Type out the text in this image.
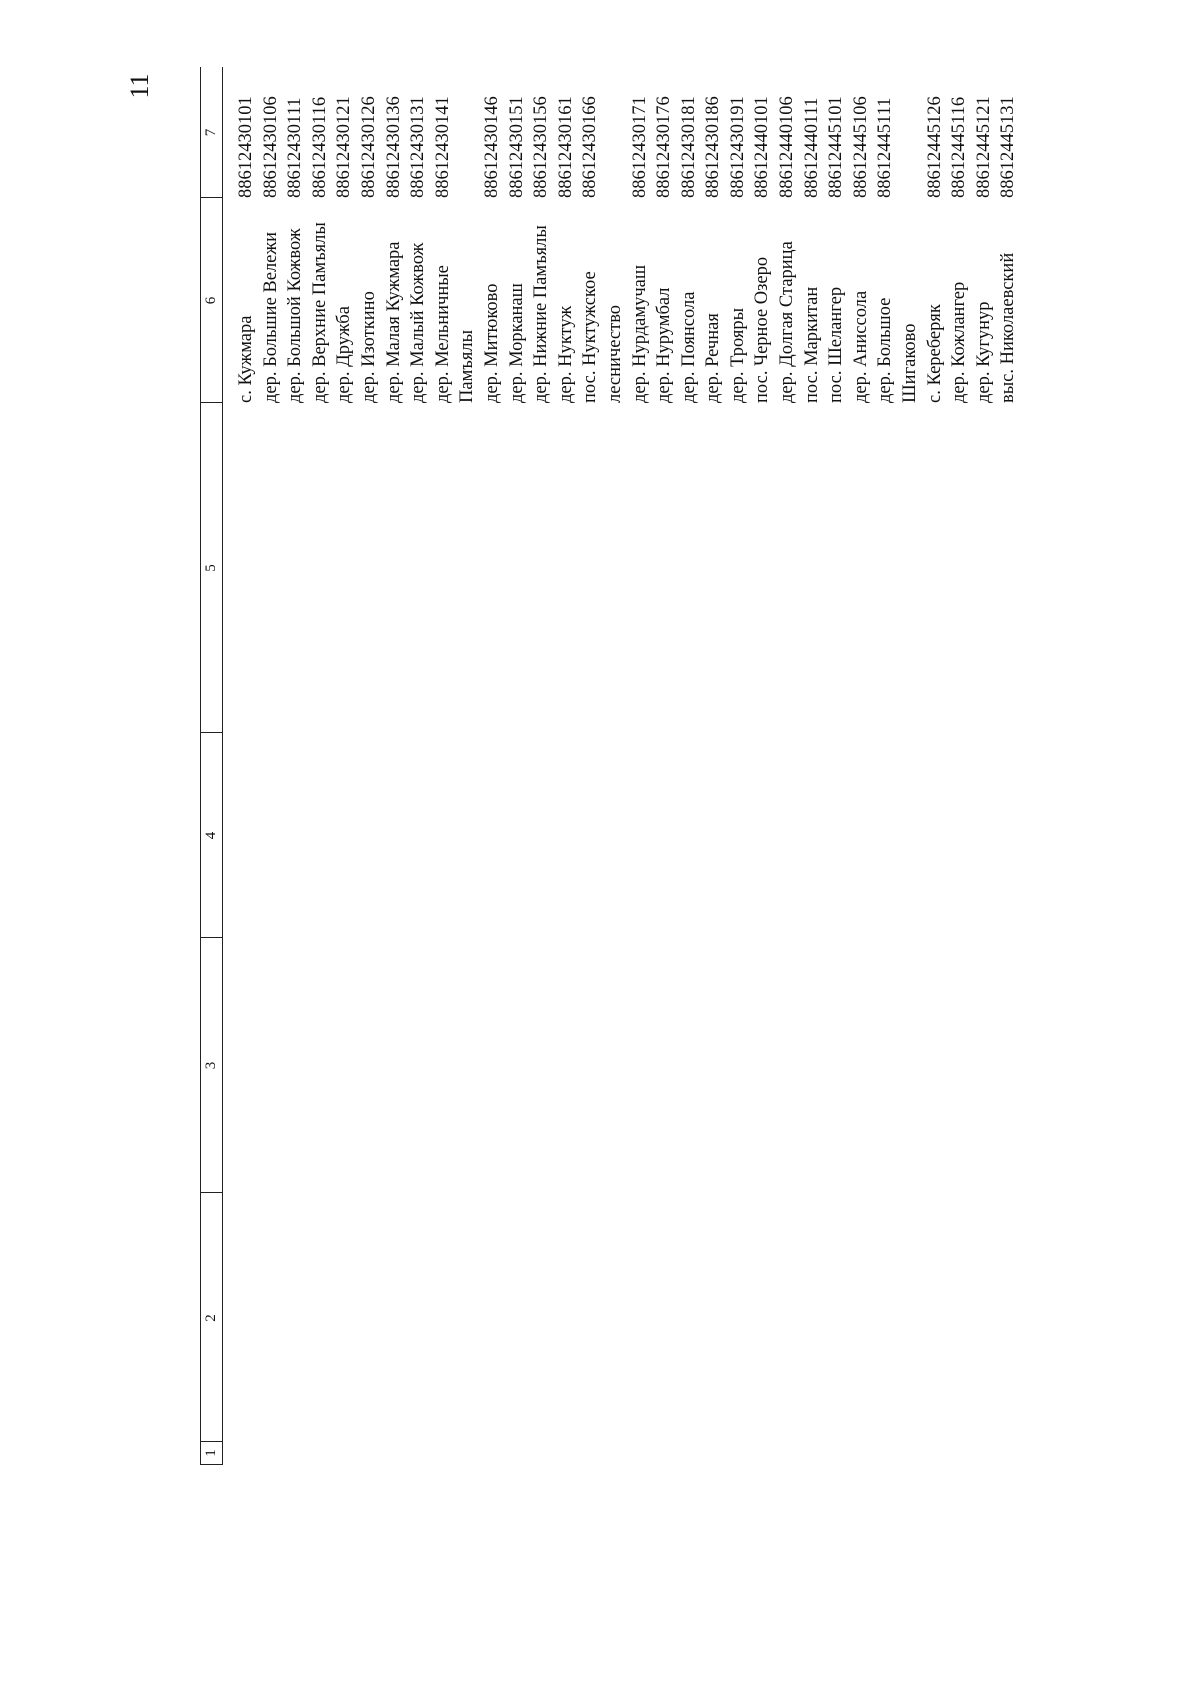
11
1
2
3
4
5
6
7
с. Кужмара дер. Большие Вележи дер. Большой Кожвож дер. Верхние Памъялы дер. Дружба дер. Изоткино дер. Малая Кужмара дер. Малый Кожвож дер. Мельничные Памъялы дер. Митюково дер. Морканаш дер. Нижние Памъялы дер. Нуктуж пос. Нуктужское лесничество дер. Нурдамучаш дер. Нурумбал дер. Поянсола дер. Речная дер. Трояры пос. Черное Озеро дер. Долгая Старица пос. Маркитан пос. Шелангер дер. Аниссола дер. Большое Шигаково с. Кереберяк дер. Кожлангер дер. Кугунур выс. Николаевский
88612430101 88612430106 88612430111 88612430116 88612430121 88612430126 88612430136 88612430131 88612430141 88612430146 88612430151 88612430156 88612430161 88612430166 88612430171 88612430176 88612430181 88612430186 88612430191 88612440101 88612440106 88612440111 88612445101 88612445106 88612445111 88612445126 88612445116 88612445121 88612445131
